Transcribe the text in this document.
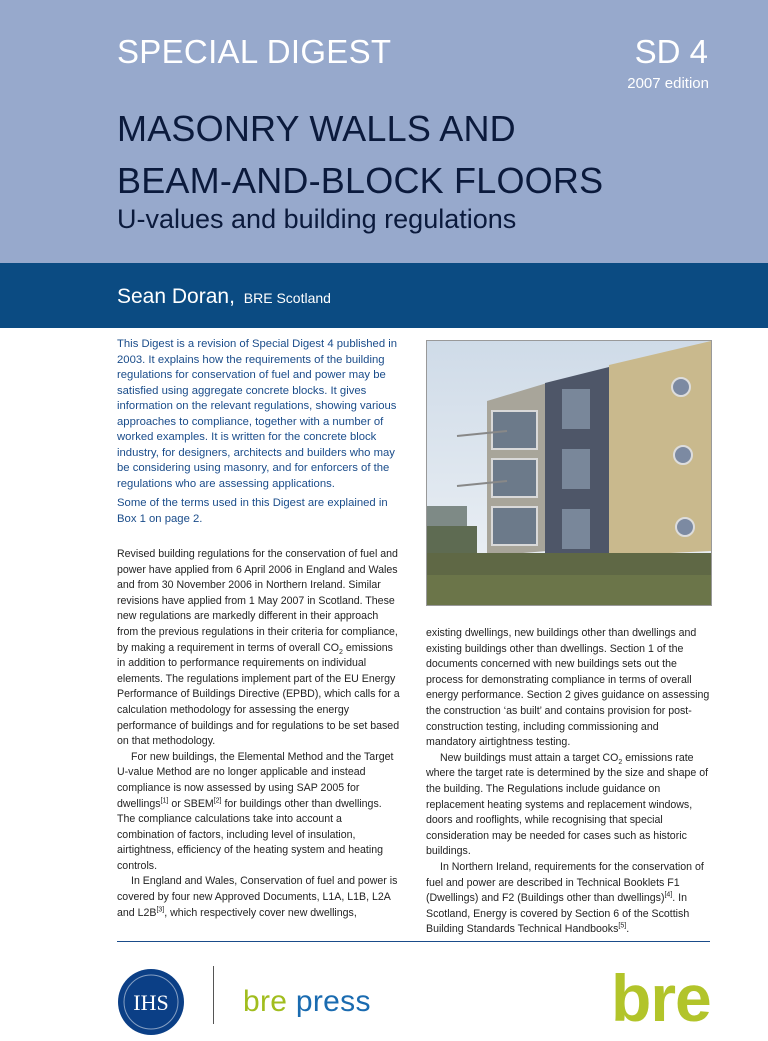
SPECIAL DIGEST	SD 4
2007 edition
MASONRY WALLS AND
BEAM-AND-BLOCK FLOORS
U-values and building regulations
Sean Doran, BRE Scotland

This Digest is a revision of Special Digest 4 published in 2003. It explains how the requirements of the building regulations for conservation of fuel and power may be satisfied using aggregate concrete blocks. It gives information on the relevant regulations, showing various approaches to compliance, together with a number of worked examples. It is written for the concrete block industry, for designers, architects and builders who may be considering using masonry, and for enforcers of the regulations who are assessing applications.

Some of the terms used in this Digest are explained in Box 1 on page 2.

Revised building regulations for the conservation of fuel and power have applied from 6 April 2006 in England and Wales and from 30 November 2006 in Northern Ireland. Similar revisions have applied from 1 May 2007 in Scotland. These new regulations are markedly different in their approach from the previous regulations in their criteria for compliance, by making a requirement in terms of overall $CO_2$ emissions in addition to performance requirements on individual elements. The regulations implement part of the EU Energy Performance of Buildings Directive (EPBD), which calls for a calculation methodology for assessing the energy performance of buildings and for regulations to be set based on that methodology.

For new buildings, the Elemental Method and the Target U-value Method are no longer applicable and instead compliance is now assessed by using SAP 2005 for dwellings[1] or SBEM[2] for buildings other than dwellings. The compliance calculations take into account a combination of factors, including level of insulation, airtightness, efficiency of the heating system and heating controls.

In England and Wales, Conservation of fuel and power is covered by four new Approved Documents, L1A, L1B, L2A and L2B[3], which respectively cover new dwellings,

existing dwellings, new buildings other than dwellings and existing buildings other than dwellings. Section 1 of the documents concerned with new buildings sets out the process for demonstrating compliance in terms of overall energy performance. Section 2 gives guidance on assessing the construction ‘as built’ and contains provision for post-construction testing, including commissioning and mandatory airtightness testing.

New buildings must attain a target $CO_2$ emissions rate where the target rate is determined by the size and shape of the building. The Regulations include guidance on replacement heating systems and replacement windows, doors and rooflights, while recognising that special consideration may be needed for cases such as historic buildings.

In Northern Ireland, requirements for the conservation of fuel and power are described in Technical Booklets F1 (Dwellings) and F2 (Buildings other than dwellings)[4]. In Scotland, Energy is covered by Section 6 of the Scottish Building Standards Technical Handbooks[5].

IHS bre press	bre
